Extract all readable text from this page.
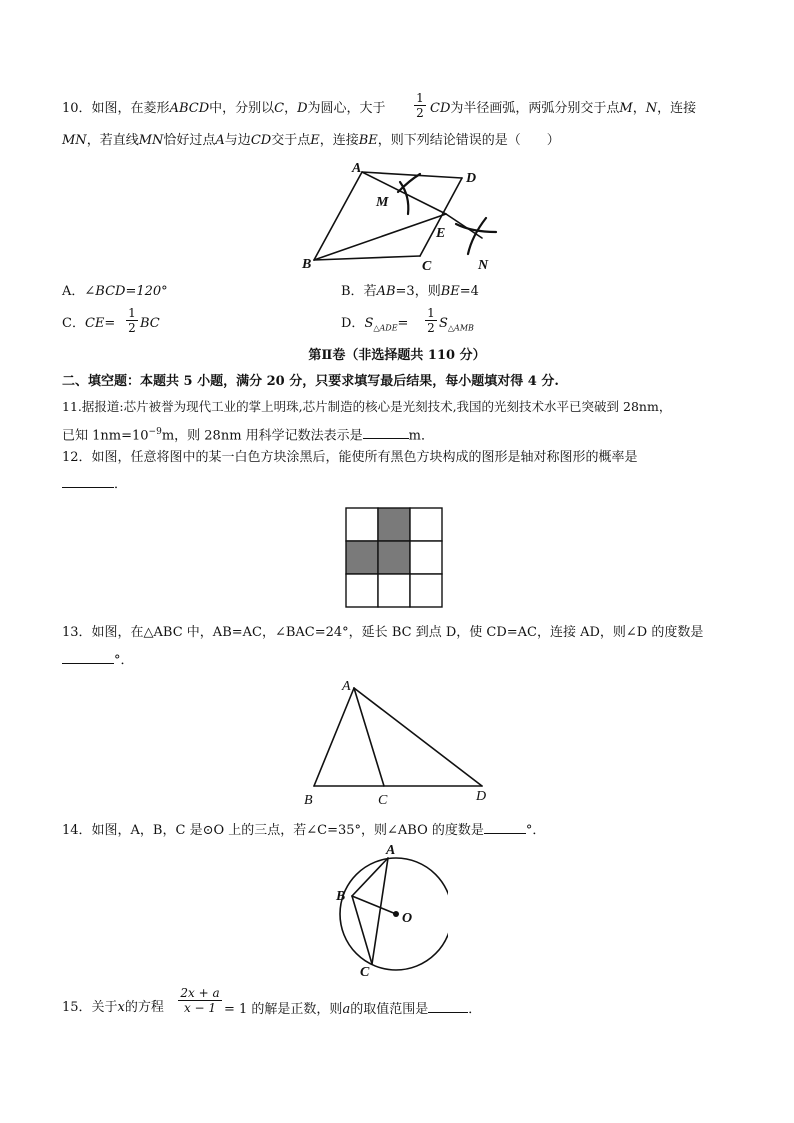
10．如图，在菱形ABCD中，分别以C，D为圆心，大于 $\frac{1}{2}$ CD为半径画弧，两弧分别交于点M，N，连接
MN，若直线MN恰好过点A与边CD交于点E，连接BE，则下列结论错误的是（　　）
A
D
M
E
B	C	N
A．∠BCD=120°	B．若AB=3，则BE=4
C．$CE= \frac{1}{2}$ BC	D．$S_{\triangle ADE}= \frac{1}{2} S_{\triangle AMB}$
第Ⅱ卷（非选择题共 110 分）
二、填空题：本题共 5 小题，满分 20 分，只要求填写最后结果，每小题填对得 4 分.
11.据报道:芯片被誉为现代工业的掌上明珠,芯片制造的核心是光刻技术,我国的光刻技术水平已突破到 28nm，
已知 $1nm=10^{-9}m$，则 28nm 用科学记数法表示是	m．
12．如图，任意将图中的某一白色方块涂黑后，能使所有黑色方块构成的图形是轴对称图形的概率是
．
13．如图，在△ABC 中，AB=AC，∠BAC=24°，延长 BC 到点 D，使 CD=AC，连接 AD，则∠D 的度数是
°．
A
B	C	D
14．如图，A，B，C 是⊙O 上的三点，若∠C=35°，则∠ABO 的度数是	°．
A
B
C
O
15．关于x的方程 $\frac{2x + a}{x - 1} = 1$ 的解是正数，则a的取值范围是	．
